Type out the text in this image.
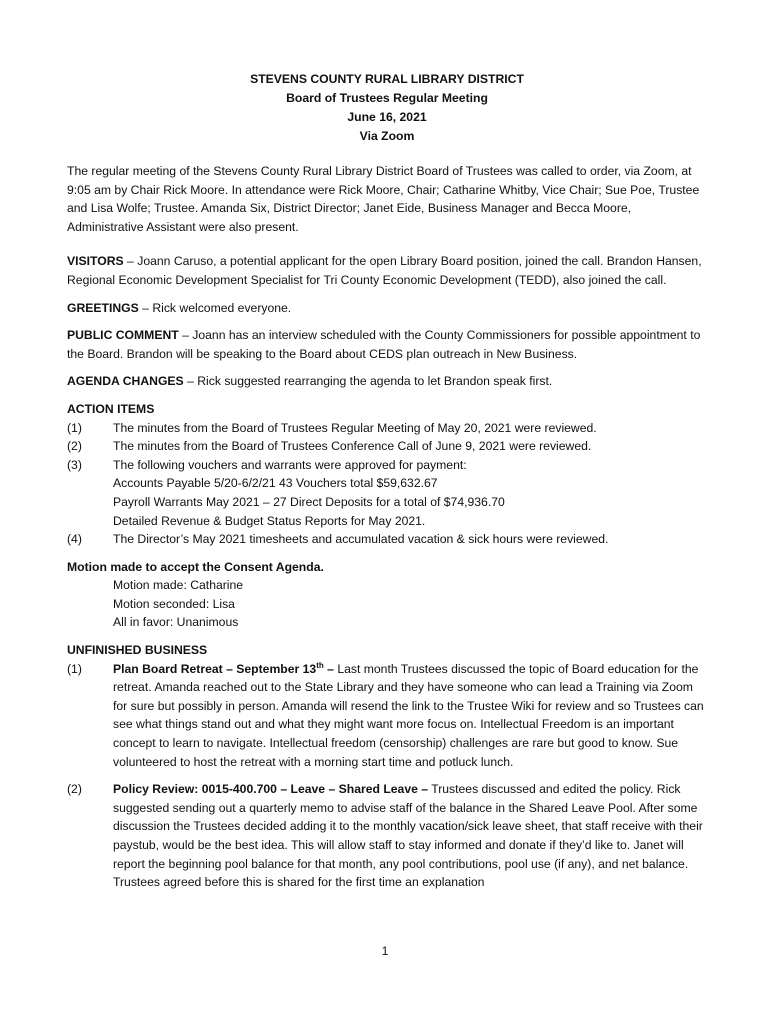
STEVENS COUNTY RURAL LIBRARY DISTRICT
Board of Trustees Regular Meeting
June 16, 2021
Via Zoom

The regular meeting of the Stevens County Rural Library District Board of Trustees was called to order, via Zoom, at 9:05 am by Chair Rick Moore. In attendance were Rick Moore, Chair; Catharine Whitby, Vice Chair; Sue Poe, Trustee and Lisa Wolfe; Trustee. Amanda Six, District Director; Janet Eide, Business Manager and Becca Moore, Administrative Assistant were also present.

VISITORS – Joann Caruso, a potential applicant for the open Library Board position, joined the call. Brandon Hansen, Regional Economic Development Specialist for Tri County Economic Development (TEDD), also joined the call.

GREETINGS – Rick welcomed everyone.

PUBLIC COMMENT – Joann has an interview scheduled with the County Commissioners for possible appointment to the Board. Brandon will be speaking to the Board about CEDS plan outreach in New Business.

AGENDA CHANGES – Rick suggested rearranging the agenda to let Brandon speak first.

ACTION ITEMS
(1)	The minutes from the Board of Trustees Regular Meeting of May 20, 2021 were reviewed.
(2)	The minutes from the Board of Trustees Conference Call of June 9, 2021 were reviewed.
(3)	The following vouchers and warrants were approved for payment:
Accounts Payable 5/20-6/2/21 43 Vouchers total $59,632.67
Payroll Warrants May 2021 – 27 Direct Deposits for a total of $74,936.70
Detailed Revenue & Budget Status Reports for May 2021.
(4)	The Director’s May 2021 timesheets and accumulated vacation & sick hours were reviewed.
Motion made to accept the Consent Agenda.
Motion made: Catharine
Motion seconded: Lisa
All in favor: Unanimous
UNFINISHED BUSINESS
(1)	Plan Board Retreat – September 13th – Last month Trustees discussed the topic of Board education for the retreat. Amanda reached out to the State Library and they have someone who can lead a Training via Zoom for sure but possibly in person. Amanda will resend the link to the Trustee Wiki for review and so Trustees can see what things stand out and what they might want more focus on. Intellectual Freedom is an important concept to learn to navigate. Intellectual freedom (censorship) challenges are rare but good to know. Sue volunteered to host the retreat with a morning start time and potluck lunch.
(2)	Policy Review: 0015-400.700 – Leave – Shared Leave – Trustees discussed and edited the policy. Rick suggested sending out a quarterly memo to advise staff of the balance in the Shared Leave Pool. After some discussion the Trustees decided adding it to the monthly vacation/sick leave sheet, that staff receive with their paystub, would be the best idea. This will allow staff to stay informed and donate if they’d like to. Janet will report the beginning pool balance for that month, any pool contributions, pool use (if any), and net balance. Trustees agreed before this is shared for the first time an explanation
1
